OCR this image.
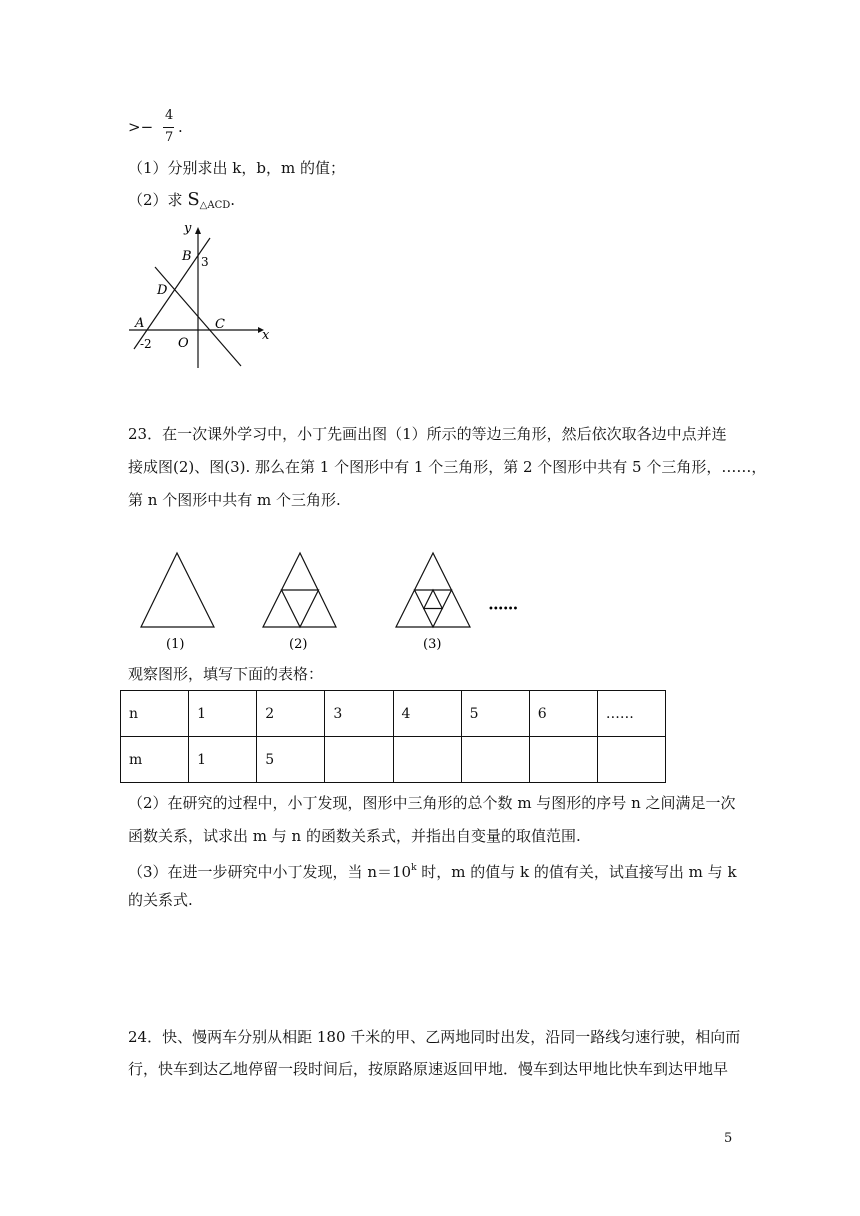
>−
4
7
.
（1）分别求出 k，b，m 的值；
（2）求 $S_{\triangle ACD}$.
y
x
B 3
D
A	C
-2 O
23．在一次课外学习中，小丁先画出图（1）所示的等边三角形，然后依次取各边中点并连
接成图(2)、图(3). 那么在第 1 个图形中有 1 个三角形，第 2 个图形中共有 5 个三角形，……，
第 n 个图形中共有 m 个三角形.
(1)	(2)	(3)
••••••
观察图形，填写下面的表格：
n	1	2	3	4	5	6	……
m	1	5					
（2）在研究的过程中，小丁发现，图形中三角形的总个数 m 与图形的序号 n 之间满足一次
函数关系，试求出 m 与 n 的函数关系式，并指出自变量的取值范围.
（3）在进一步研究中小丁发现，当 $n=10^k$ 时，m 的值与 k 的值有关，试直接写出 m 与 k
的关系式.
24．快、慢两车分别从相距 180 千米的甲、乙两地同时出发，沿同一路线匀速行驶，相向而
行，快车到达乙地停留一段时间后，按原路原速返回甲地．慢车到达甲地比快车到达甲地早
5
